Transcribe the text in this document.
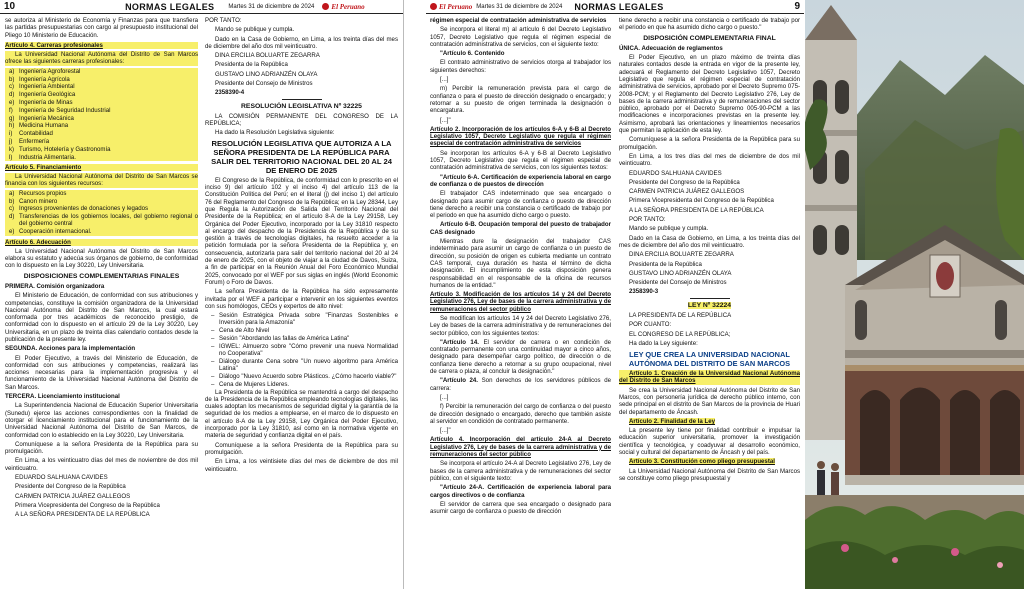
10	NORMAS LEGALES Martes 31 de diciembre de 2024	El Peruano

se autoriza al Ministerio de Economía y Finanzas para que transfiera las partidas presupuestarias con cargo al presupuesto institucional del Pliego 10 Ministerio de Educación.

Artículo 4. Carreras profesionales

La Universidad Nacional Autónoma del Distrito de San Marcos ofrece las siguientes carreras profesionales:

a) Ingeniería Agroforestal
b) Ingeniería Agrícola
c) Ingeniería Ambiental
d) Ingeniería Geológica
e) Ingeniería de Minas
f) Ingeniería de Seguridad Industrial
g) Ingeniería Mecánica
h) Medicina Humana
i) Contabilidad
j) Enfermería
k) Turismo, Hotelería y Gastronomía
l) Industria Alimentaria.

Artículo 5. Financiamiento

La Universidad Nacional Autónoma del Distrito de San Marcos se financia con los siguientes recursos:

a) Recursos propios
b) Canon minero
c) Ingresos provenientes de donaciones y legados
d) Transferencias de los gobiernos locales, del gobierno regional o del gobierno central
e) Cooperación internacional.

Artículo 6. Adecuación

La Universidad Nacional Autónoma del Distrito de San Marcos elabora su estatuto y adecúa sus órganos de gobierno, de conformidad con lo dispuesto en la Ley 30220, Ley Universitaria.

DISPOSICIONES COMPLEMENTARIAS FINALES

PRIMERA. Comisión organizadora

El Ministerio de Educación, de conformidad con sus atribuciones y competencias, constituye la comisión organizadora de la Universidad Nacional Autónoma del Distrito de San Marcos, la cual estará conformada por tres académicos de reconocido prestigio, de conformidad con lo dispuesto en el artículo 29 de la Ley 30220, Ley Universitaria, en un plazo de treinta días calendario contados desde la publicación de la presente ley.

SEGUNDA. Acciones para la implementación

El Poder Ejecutivo, a través del Ministerio de Educación, de conformidad con sus atribuciones y competencias, realizará las acciones necesarias para la implementación progresiva y el funcionamiento de la Universidad Nacional Autónoma del Distrito de San Marcos.

TERCERA. Licenciamiento institucional

La Superintendencia Nacional de Educación Superior Universitaria (Sunedu) ejerce las acciones correspondientes con la finalidad de otorgar el licenciamiento institucional para el funcionamiento de la Universidad Nacional Autónoma del Distrito de San Marcos, de conformidad con lo establecido en la Ley 30220, Ley Universitaria.

Comuníquese a la señora Presidenta de la República para su promulgación.

En Lima, a los veinticuatro días del mes de noviembre de dos mil veinticuatro.

EDUARDO SALHUANA CAVIDES

Presidente del Congreso de la República

CARMEN PATRICIA JUÁREZ GALLEGOS

Primera Vicepresidenta del Congreso de la República

A LA SEÑORA PRESIDENTA DE LA REPÚBLICA

POR TANTO:

Mando se publique y cumpla.

Dado en la Casa de Gobierno, en Lima, a los treinta días del mes de diciembre del año dos mil veinticuatro.

DINA ERCILIA BOLUARTE ZEGARRA

Presidenta de la República

GUSTAVO LINO ADRIANZÉN OLAYA

Presidente del Consejo de Ministros

2358390-4

RESOLUCIÓN LEGISLATIVA Nº 32225

LA COMISIÓN PERMANENTE DEL CONGRESO DE LA REPÚBLICA;

Ha dado la Resolución Legislativa siguiente:

RESOLUCIÓN LEGISLATIVA QUE AUTORIZA A LA SEÑORA PRESIDENTA DE LA REPÚBLICA PARA SALIR DEL TERRITORIO NACIONAL DEL 20 AL 24 DE ENERO DE 2025

El Congreso de la República, de conformidad con lo prescrito en el inciso 9) del artículo 102 y el inciso 4) del artículo 113 de la Constitución Política del Perú; en el literal (j) del inciso 1) del artículo 76 del Reglamento del Congreso de la República; en la Ley 28344, Ley que Regula la Autorización de Salida del Territorio Nacional del Presidente de la República; en el artículo 8-A de la Ley 29158, Ley Orgánica del Poder Ejecutivo, incorporado por la Ley 31810 respecto al encargo del despacho de la Presidencia de la República y de su gestión a través de tecnologías digitales, ha resuelto acceder a la petición formulada por la señora Presidenta de la República y, en consecuencia, autorizarla para salir del territorio nacional del 20 al 24 de enero de 2025, con el objeto de viajar a la ciudad de Davos, Suiza, a fin de participar en la Reunión Anual del Foro Económico Mundial 2025, convocado por el WEF por sus siglas en inglés (World Economic Forum) o Foro de Davos.

La señora Presidenta de la República ha sido expresamente invitada por el WEF a participar e intervenir en los siguientes eventos con sus homólogos, CEOs y expertos de alto nivel:

– Sesión Estratégica Privada sobre "Finanzas Sostenibles e Inversión para la Amazonía"
– Cena de Alto Nivel
– Sesión "Abordando las fallas de América Latina"
– IGWEL: Almuerzo sobre "Cómo prevenir una nueva Normalidad no Cooperativa"
– Diálogo durante Cena sobre "Un nuevo algoritmo para América Latina"
– Diálogo "Nuevo Acuerdo sobre Plásticos. ¿Cómo hacerlo viable?"
– Cena de Mujeres Líderes.

La Presidenta de la República se mantendrá a cargo del despacho de la Presidencia de la República empleando tecnologías digitales, las cuales adoptan los mecanismos de seguridad digital y la garantía de la seguridad de los medios a emplearse, en el marco de lo dispuesto en el artículo 8-A de la Ley 29158, Ley Orgánica del Poder Ejecutivo, incorporado por la Ley 31810, así como en la normativa vigente en materia de seguridad y confianza digital en el país.

Comuníquese a la señora Presidenta de la República para su promulgación.

En Lima, a los veintisiete días del mes de diciembre de dos mil veinticuatro.

El Peruano Martes 31 de diciembre de 2024 NORMAS LEGALES	9

régimen especial de contratación administrativa de servicios

Se incorpora el literal m) al artículo 6 del Decreto Legislativo 1057, Decreto Legislativo que regula el régimen especial de contratación administrativa de servicios, con el siguiente texto:

"Artículo 6. Contenido

El contrato administrativo de servicios otorga al trabajador los siguientes derechos:

[...]

m) Percibir la remuneración prevista para el cargo de confianza o para el puesto de dirección designado o encargado; y retornar a su puesto de origen terminada la designación o encargatura.

[...]"

Artículo 2. Incorporación de los artículos 6-A y 6-B al Decreto Legislativo 1057, Decreto Legislativo que regula el régimen especial de contratación administrativa de servicios

Se incorporan los artículos 6-A y 6-B al Decreto Legislativo 1057, Decreto Legislativo que regula el régimen especial de contratación administrativa de servicios, con los siguientes textos:

"Artículo 6-A. Certificación de experiencia laboral en cargo de confianza o de puestos de dirección

El trabajador CAS indeterminado que sea encargado o designado para asumir cargo de confianza o puesto de dirección tiene derecho a recibir una constancia o certificado de trabajo por el periodo en que ha asumido dicho cargo o puesto.

Artículo 6-B. Ocupación temporal del puesto de trabajador CAS designado

Mientras dure la designación del trabajador CAS indeterminado para asumir un cargo de confianza o un puesto de dirección, su posición de origen es cubierta mediante un contrato CAS temporal, cuya duración es hasta el término de dicha designación. El incumplimiento de esta disposición genera responsabilidad en el responsable de la oficina de recursos humanos de la entidad."

Artículo 3. Modificación de los artículos 14 y 24 del Decreto Legislativo 276, Ley de bases de la carrera administrativa y de remuneraciones del sector público

Se modifican los artículos 14 y 24 del Decreto Legislativo 276, Ley de bases de la carrera administrativa y de remuneraciones del sector público, con los siguientes textos:

"Artículo 14. El servidor de carrera o en condición de contratado permanente con una continuidad mayor a cinco años, designado para desempeñar cargo político, de dirección o de confianza tiene derecho a retornar a su grupo ocupacional, nivel de carrera o plaza, al concluir la designación."

"Artículo 24. Son derechos de los servidores públicos de carrera:

[...]

f) Percibir la remuneración del cargo de confianza o del puesto de dirección designado o encargado, derecho que también asiste al servidor en condición de contratado permanente.

[...]"

Artículo 4. Incorporación del artículo 24-A al Decreto Legislativo 276, Ley de bases de la carrera administrativa y de remuneraciones del sector público

Se incorpora el artículo 24-A al Decreto Legislativo 276, Ley de bases de la carrera administrativa y de remuneraciones del sector público, con el siguiente texto:

"Artículo 24-A. Certificación de experiencia laboral para cargos directivos o de confianza

El servidor de carrera que sea encargado o designado para asumir cargo de confianza o puesto de dirección

tiene derecho a recibir una constancia o certificado de trabajo por el periodo en que ha asumido dicho cargo o puesto."

DISPOSICIÓN COMPLEMENTARIA FINAL

ÚNICA. Adecuación de reglamentos

El Poder Ejecutivo, en un plazo máximo de treinta días naturales contados desde la entrada en vigor de la presente ley, adecuará el Reglamento del Decreto Legislativo 1057, Decreto Legislativo que regula el régimen especial de contratación administrativa de servicios, aprobado por el Decreto Supremo 075-2008-PCM; y el Reglamento del Decreto Legislativo 276, Ley de bases de la carrera administrativa y de remuneraciones del sector público, aprobado por el Decreto Supremo 005-90-PCM a las modificaciones e incorporaciones previstas en la presente ley. Asimismo, aprobará las orientaciones y lineamientos necesarios que permitan la aplicación de esta ley.

Comuníquese a la señora Presidenta de la República para su promulgación.

En Lima, a los tres días del mes de diciembre de dos mil veinticuatro.

EDUARDO SALHUANA CAVIDES

Presidente del Congreso de la República

CARMEN PATRICIA JUÁREZ GALLEGOS

Primera Vicepresidenta del Congreso de la República

A LA SEÑORA PRESIDENTA DE LA REPÚBLICA

POR TANTO:

Mando se publique y cumpla.

Dado en la Casa de Gobierno, en Lima, a los treinta días del mes de diciembre del año dos mil veinticuatro.

DINA ERCILIA BOLUARTE ZEGARRA

Presidenta de la República

GUSTAVO LINO ADRIANZÉN OLAYA

Presidente del Consejo de Ministros

2358390-3

LEY Nº 32224

LA PRESIDENTA DE LA REPÚBLICA

POR CUANTO:

EL CONGRESO DE LA REPÚBLICA;

Ha dado la Ley siguiente:

LEY QUE CREA LA UNIVERSIDAD NACIONAL AUTÓNOMA DEL DISTRITO DE SAN MARCOS

Artículo 1. Creación de la Universidad Nacional Autónoma del Distrito de San Marcos

Se crea la Universidad Nacional Autónoma del Distrito de San Marcos, con personería jurídica de derecho público interno, con sede principal en el distrito de San Marcos de la provincia de Huari del departamento de Áncash.

Artículo 2. Finalidad de la Ley

La presente ley tiene por finalidad contribuir e impulsar la educación superior universitaria, promover la investigación científica y tecnológica, y coadyuvar al desarrollo económico, social y cultural del departamento de Áncash y del país.

Artículo 3. Constitución como pliego presupuestal

La Universidad Nacional Autónoma del Distrito de San Marcos se constituye como pliego presupuestal y
